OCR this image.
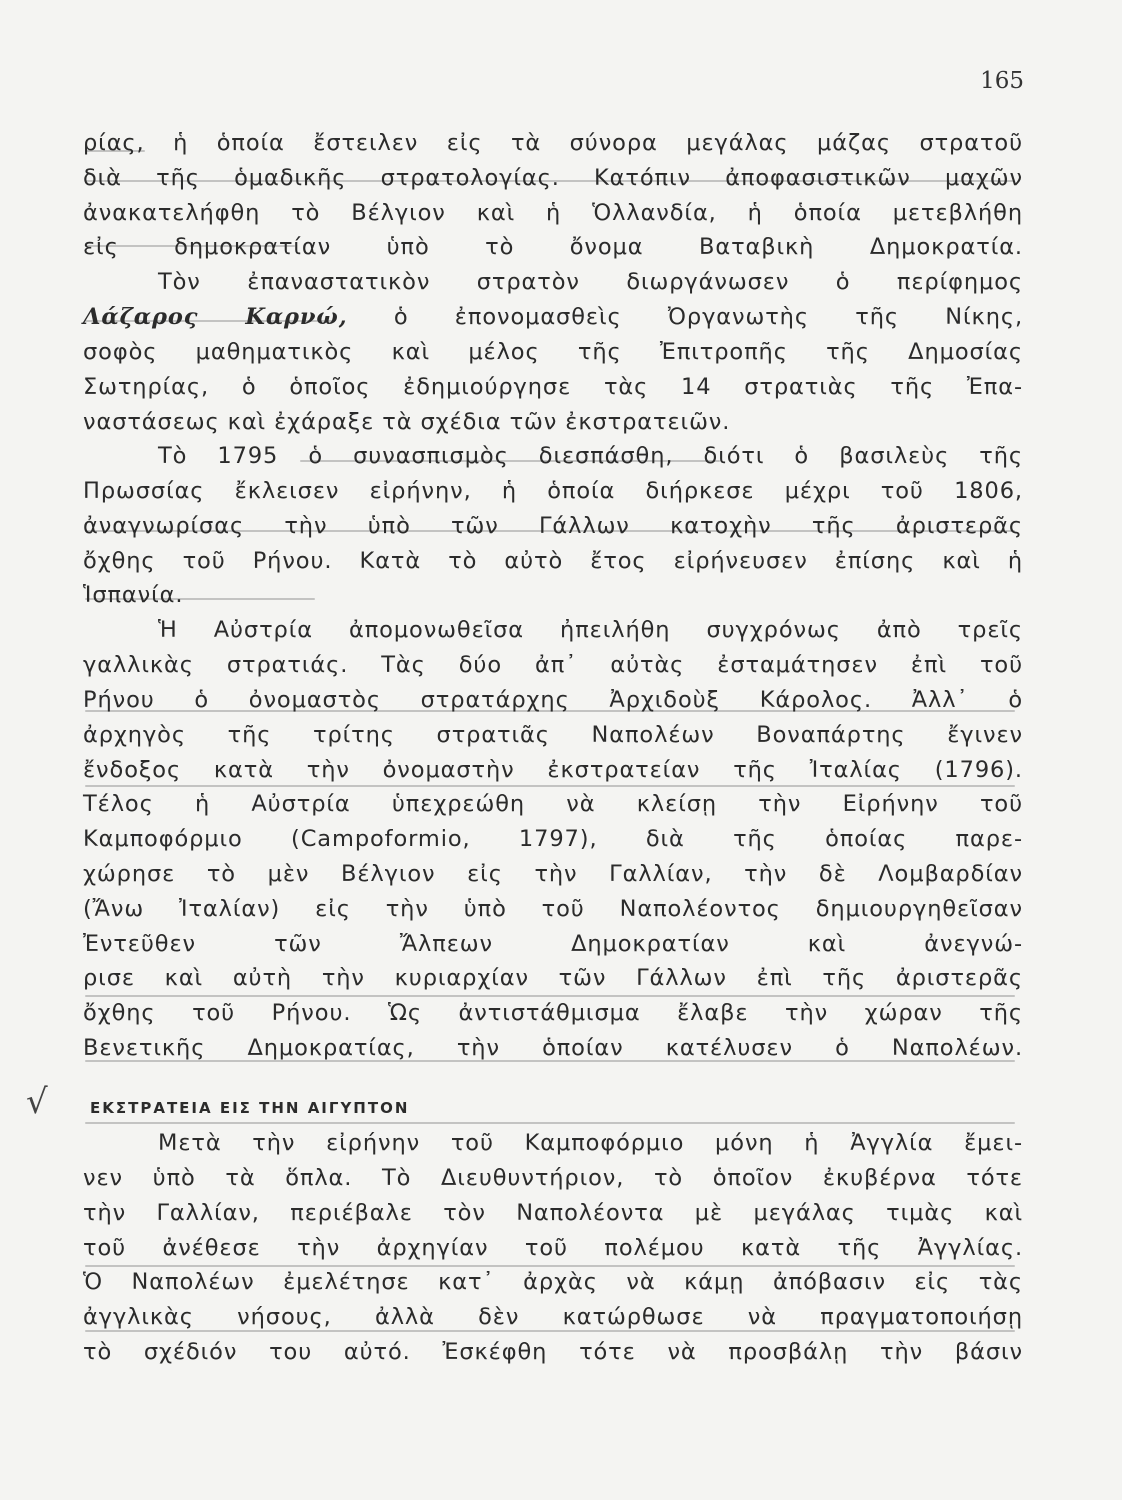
165
ρίας, ἡ ὁποία ἔστειλεν εἰς τὰ σύνορα μεγάλας μάζας στρατοῦ
διὰ τῆς ὁμαδικῆς στρατολογίας. Κατόπιν ἀποφασιστικῶν μαχῶν
ἀνακατελήφθη τὸ Βέλγιον καὶ ἡ Ὁλλανδία, ἡ ὁποία μετεβλήθη
εἰς δημοκρατίαν ὑπὸ τὸ ὄνομα Βαταβικὴ Δημοκρατία.
Τὸν ἐπαναστατικὸν στρατὸν διωργάνωσεν ὁ περίφημος
Λάζαρος Καρνώ, ὁ ἐπονομασθεὶς Ὀργανωτὴς τῆς Νίκης,
σοφὸς μαθηματικὸς καὶ μέλος τῆς Ἐπιτροπῆς τῆς Δημοσίας
Σωτηρίας, ὁ ὁποῖος ἐδημιούργησε τὰς 14 στρατιὰς τῆς Ἐπα-
ναστάσεως καὶ ἐχάραξε τὰ σχέδια τῶν ἐκστρατειῶν.
Τὸ 1795 ὁ συνασπισμὸς διεσπάσθη, διότι ὁ βασιλεὺς τῆς
Πρωσσίας ἔκλεισεν εἰρήνην, ἡ ὁποία διήρκεσε μέχρι τοῦ 1806,
ἀναγνωρίσας τὴν ὑπὸ τῶν Γάλλων κατοχὴν τῆς ἀριστερᾶς
ὄχθης τοῦ Ρήνου. Κατὰ τὸ αὐτὸ ἔτος εἰρήνευσεν ἐπίσης καὶ ἡ
Ἱσπανία.
Ἡ Αὐστρία ἀπομονωθεῖσα ἠπειλήθη συγχρόνως ἀπὸ τρεῖς
γαλλικὰς στρατιάς. Τὰς δύο ἀπ᾿ αὐτὰς ἐσταμάτησεν ἐπὶ τοῦ
Ρήνου ὁ ὀνομαστὸς στρατάρχης Ἀρχιδοὺξ Κάρολος. Ἀλλ᾿ ὁ
ἀρχηγὸς τῆς τρίτης στρατιᾶς Ναπολέων Βοναπάρτης ἔγινεν
ἔνδοξος κατὰ τὴν ὀνομαστὴν ἐκστρατείαν τῆς Ἰταλίας (1796).
Τέλος ἡ Αὐστρία ὑπεχρεώθη νὰ κλείσῃ τὴν Εἰρήνην τοῦ
Καμποφόρμιο (Campoformio, 1797), διὰ τῆς ὁποίας παρε-
χώρησε τὸ μὲν Βέλγιον εἰς τὴν Γαλλίαν, τὴν δὲ Λομβαρδίαν
(Ἄνω Ἰταλίαν) εἰς τὴν ὑπὸ τοῦ Ναπολέοντος δημιουργηθεῖσαν
Ἐντεῦθεν τῶν Ἄλπεων Δημοκρατίαν καὶ ἀνεγνώ-
ρισε καὶ αὐτὴ τὴν κυριαρχίαν τῶν Γάλλων ἐπὶ τῆς ἀριστερᾶς
ὄχθης τοῦ Ρήνου. Ὡς ἀντιστάθμισμα ἔλαβε τὴν χώραν τῆς
Βενετικῆς Δημοκρατίας, τὴν ὁποίαν κατέλυσεν ὁ Ναπολέων.
√	ΕΚΣΤΡΑΤΕΙΑ ΕΙΣ ΤΗΝ ΑΙΓΥΠΤΟΝ
Μετὰ τὴν εἰρήνην τοῦ Καμποφόρμιο μόνη ἡ Ἀγγλία ἔμει-
νεν ὑπὸ τὰ ὅπλα. Τὸ Διευθυντήριον, τὸ ὁποῖον ἐκυβέρνα τότε
τὴν Γαλλίαν, περιέβαλε τὸν Ναπολέοντα μὲ μεγάλας τιμὰς καὶ
τοῦ ἀνέθεσε τὴν ἀρχηγίαν τοῦ πολέμου κατὰ τῆς Ἀγγλίας.
Ὁ Ναπολέων ἐμελέτησε κατ᾿ ἀρχὰς νὰ κάμῃ ἀπόβασιν εἰς τὰς
ἀγγλικὰς νήσους, ἀλλὰ δὲν κατώρθωσε νὰ πραγματοποιήσῃ
τὸ σχέδιόν του αὐτό. Ἐσκέφθη τότε νὰ προσβάλῃ τὴν βάσιν
